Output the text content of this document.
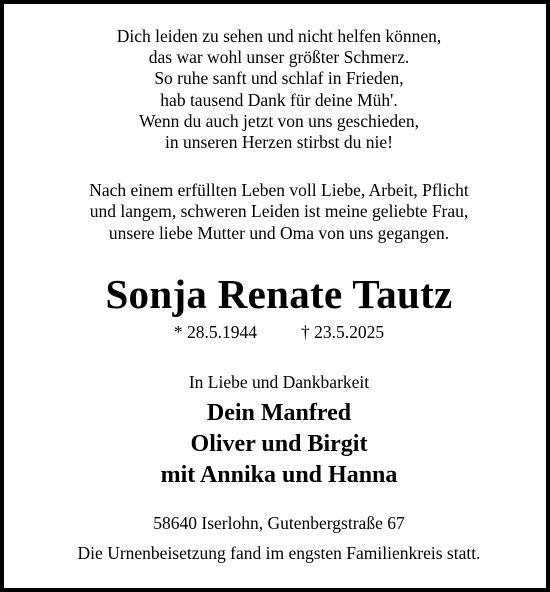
Dich leiden zu sehen und nicht helfen können,
das war wohl unser größter Schmerz.
So ruhe sanft und schlaf in Frieden,
hab tausend Dank für deine Müh'.
Wenn du auch jetzt von uns geschieden,
in unseren Herzen stirbst du nie!
Nach einem erfüllten Leben voll Liebe, Arbeit, Pflicht
und langem, schweren Leiden ist meine geliebte Frau,
unsere liebe Mutter und Oma von uns gegangen.
Sonja Renate Tautz
* 28.5.1944	† 23.5.2025
In Liebe und Dankbarkeit
Dein Manfred
Oliver und Birgit
mit Annika und Hanna
58640 Iserlohn, Gutenbergstraße 67
Die Urnenbeisetzung fand im engsten Familienkreis statt.
